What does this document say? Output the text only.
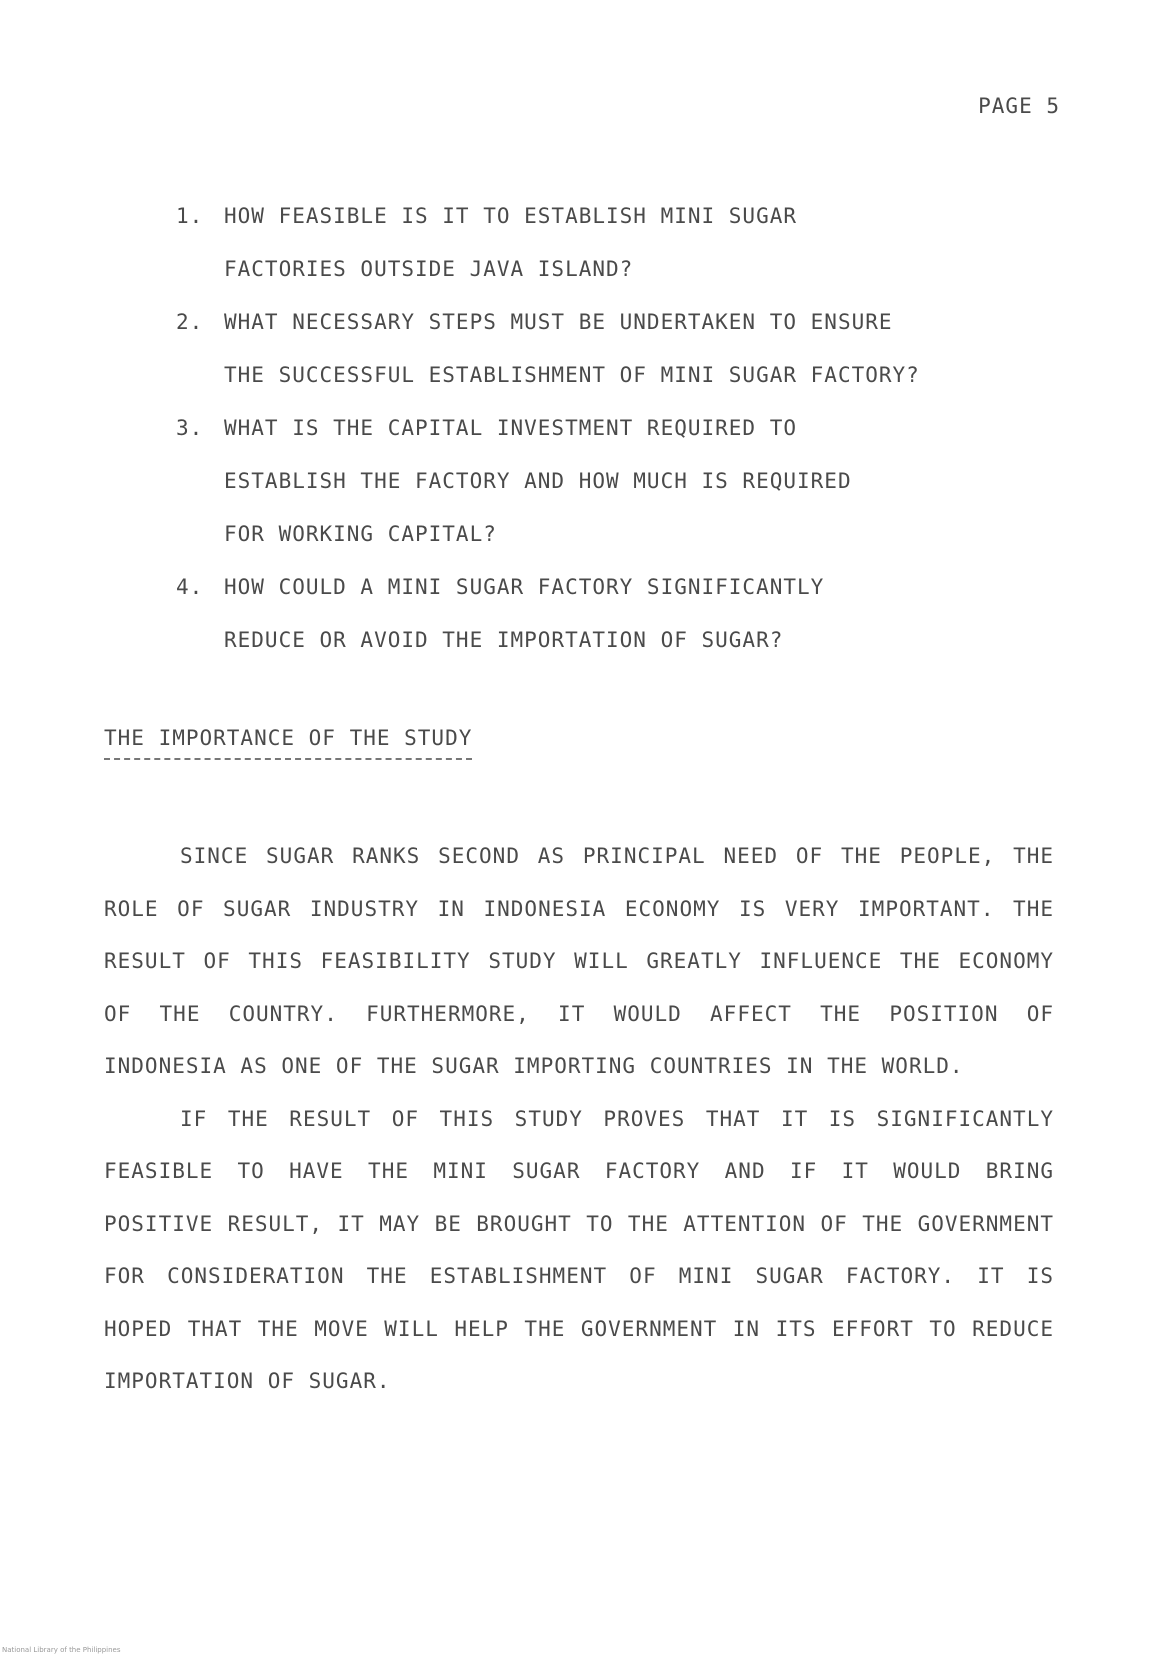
PAGE 5
1. HOW FEASIBLE IS IT TO ESTABLISH MINI SUGAR
FACTORIES OUTSIDE JAVA ISLAND?
2. WHAT NECESSARY STEPS MUST BE UNDERTAKEN TO ENSURE
THE SUCCESSFUL ESTABLISHMENT OF MINI SUGAR FACTORY?
3. WHAT IS THE CAPITAL INVESTMENT REQUIRED TO
ESTABLISH THE FACTORY AND HOW MUCH IS REQUIRED
FOR WORKING CAPITAL?
4. HOW COULD A MINI SUGAR FACTORY SIGNIFICANTLY
REDUCE OR AVOID THE IMPORTATION OF SUGAR?
THE IMPORTANCE OF THE STUDY

SINCE SUGAR RANKS SECOND AS PRINCIPAL NEED OF THE PEOPLE, THE ROLE OF SUGAR INDUSTRY IN INDONESIA ECONOMY IS VERY IMPORTANT. THE RESULT OF THIS FEASIBILITY STUDY WILL GREATLY INFLUENCE THE ECONOMY OF THE COUNTRY. FURTHERMORE, IT WOULD AFFECT THE POSITION OF INDONESIA AS ONE OF THE SUGAR IMPORTING COUNTRIES IN THE WORLD.

IF THE RESULT OF THIS STUDY PROVES THAT IT IS SIGNIFICANTLY FEASIBLE TO HAVE THE MINI SUGAR FACTORY AND IF IT WOULD BRING POSITIVE RESULT, IT MAY BE BROUGHT TO THE ATTENTION OF THE GOVERNMENT FOR CONSIDERATION THE ESTABLISHMENT OF MINI SUGAR FACTORY. IT IS HOPED THAT THE MOVE WILL HELP THE GOVERNMENT IN ITS EFFORT TO REDUCE IMPORTATION OF SUGAR.

National Library of the Philippines
